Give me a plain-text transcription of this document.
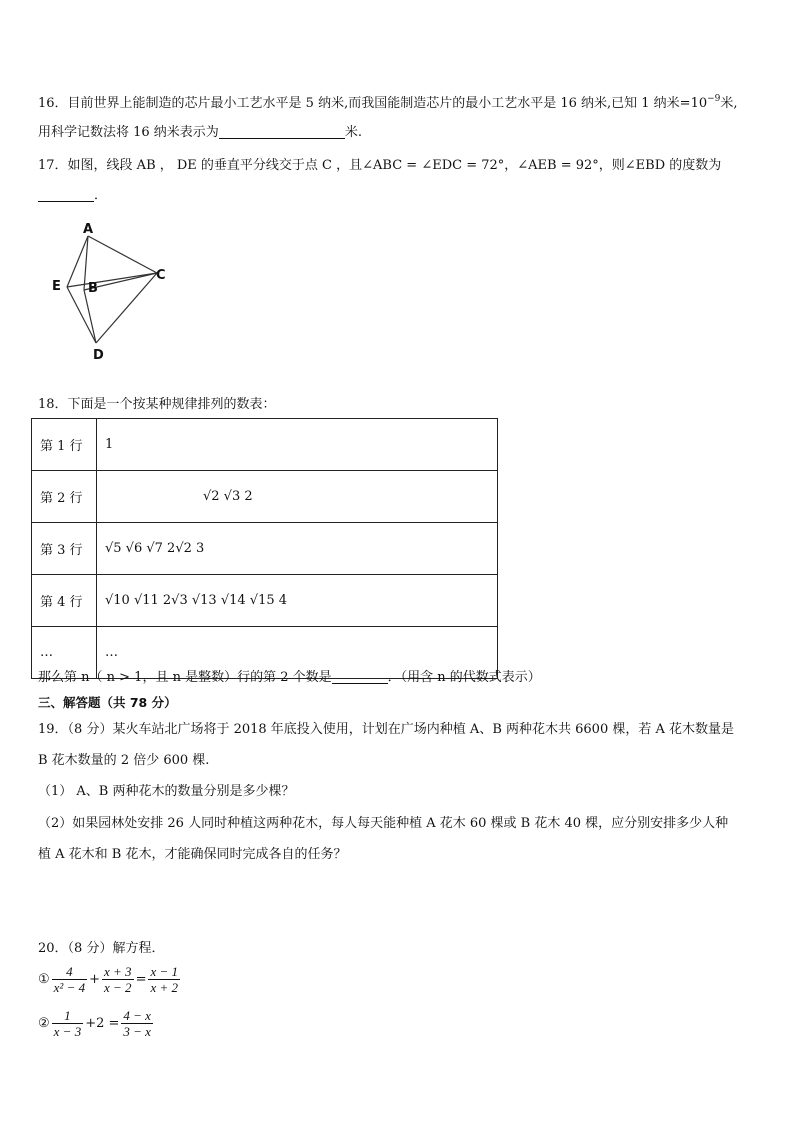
16．目前世界上能制造的芯片最小工艺水平是 5 纳米,而我国能制造芯片的最小工艺水平是 16 纳米,已知 1 纳米$=10^{-9}$米,
用科学记数法将 16 纳米表示为	米.
17．如图，线段 AB ， DE 的垂直平分线交于点 C ，且∠ABC = ∠EDC = 72°，∠AEB = 92°，则∠EBD 的度数为
．
A
B
C
D
E
18．下面是一个按某种规律排列的数表：
第 1 行	1
第 2 行	√2 √3 2
第 3 行	√5 √6 √7 2√2 3
第 4 行	√10 √11 2√3 √13 √14 √15 4
…	…
那么第 n（ n > 1，且 n 是整数）行的第 2 个数是	．（用含 n 的代数式表示）
三、解答题（共 78 分）
19．（8 分）某火车站北广场将于 2018 年底投入使用，计划在广场内种植 A、B 两种花木共 6600 棵，若 A 花木数量是
B 花木数量的 2 倍少 600 棵.
（1） A、B 两种花木的数量分别是多少棵？
（2）如果园林处安排 26 人同时种植这两种花木，每人每天能种植 A 花木 60 棵或 B 花木 40 棵，应分别安排多少人种
植 A 花木和 B 花木，才能确保同时完成各自的任务？
20．（8 分）解方程．
① $\frac{4}{\text{x² − 4}} + \frac{x + 3}{x - 2} = \frac{x - 1}{x + 2}$
② $\frac{1}{x - 3} +2 = \frac{4 - x}{3 - x}$
